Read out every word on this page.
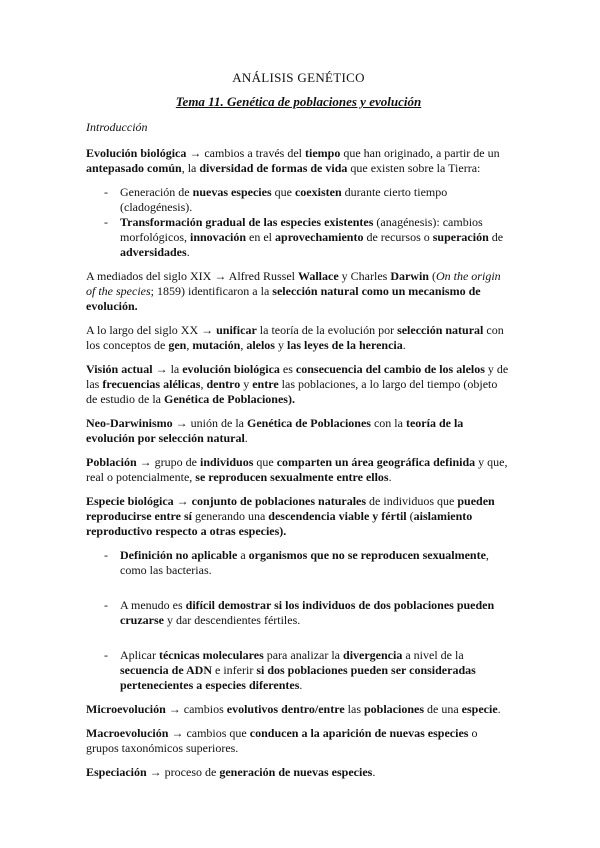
ANÁLISIS GENÉTICO
Tema 11. Genética de poblaciones y evolución
Introducción

Evolución biológica → cambios a través del tiempo que han originado, a partir de un antepasado común, la diversidad de formas de vida que existen sobre la Tierra:

- Generación de nuevas especies que coexisten durante cierto tiempo (cladogénesis).
- Transformación gradual de las especies existentes (anagénesis): cambios morfológicos, innovación en el aprovechamiento de recursos o superación de adversidades.

A mediados del siglo XIX → Alfred Russel Wallace y Charles Darwin (On the origin of the species; 1859) identificaron a la selección natural como un mecanismo de evolución.

A lo largo del siglo XX → unificar la teoría de la evolución por selección natural con los conceptos de gen, mutación, alelos y las leyes de la herencia.

Visión actual → la evolución biológica es consecuencia del cambio de los alelos y de las frecuencias alélicas, dentro y entre las poblaciones, a lo largo del tiempo (objeto de estudio de la Genética de Poblaciones).

Neo-Darwinismo → unión de la Genética de Poblaciones con la teoría de la evolución por selección natural.

Población → grupo de individuos que comparten un área geográfica definida y que, real o potencialmente, se reproducen sexualmente entre ellos.

Especie biológica → conjunto de poblaciones naturales de individuos que pueden reproducirse entre sí generando una descendencia viable y fértil (aislamiento reproductivo respecto a otras especies).

- Definición no aplicable a organismos que no se reproducen sexualmente, como las bacterias.
- A menudo es difícil demostrar si los individuos de dos poblaciones pueden cruzarse y dar descendientes fértiles.
- Aplicar técnicas moleculares para analizar la divergencia a nivel de la secuencia de ADN e inferir si dos poblaciones pueden ser consideradas pertenecientes a especies diferentes.

Microevolución → cambios evolutivos dentro/entre las poblaciones de una especie.

Macroevolución → cambios que conducen a la aparición de nuevas especies o grupos taxonómicos superiores.

Especiación → proceso de generación de nuevas especies.
